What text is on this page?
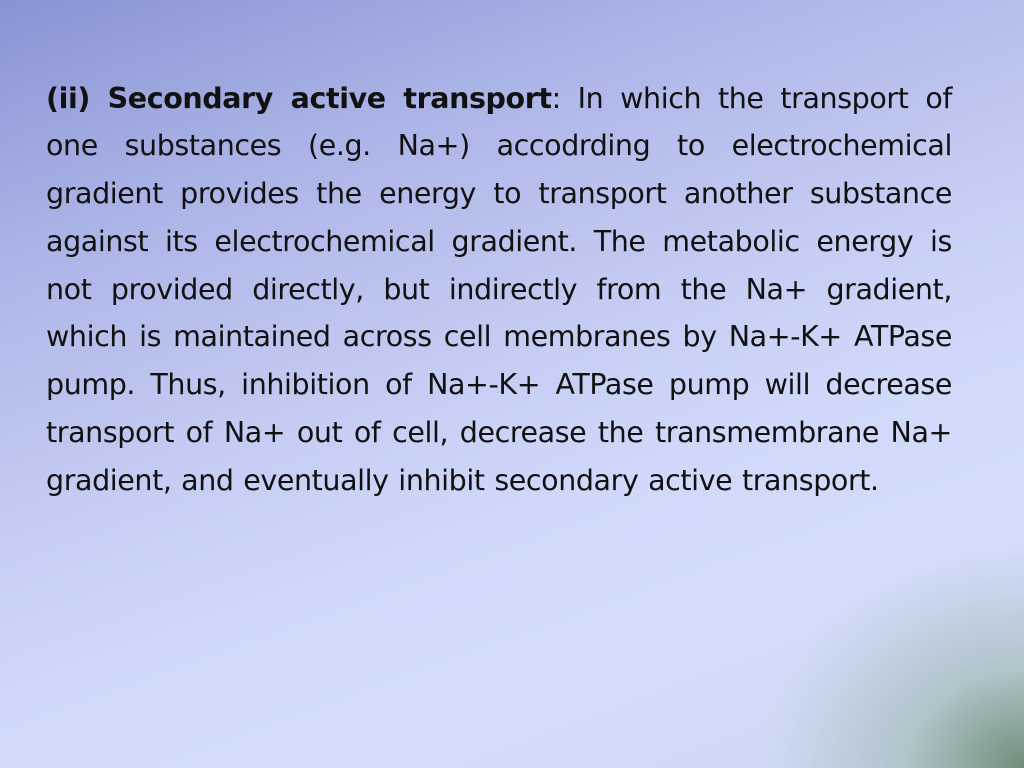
(ii) Secondary active transport: In which the transport of one substances (e.g. Na+) accodrding to electrochemical gradient provides the energy to transport another substance against its electrochemical gradient. The metabolic energy is not provided directly, but indirectly from the Na+ gradient, which is maintained across cell membranes by Na+-K+ ATPase pump. Thus, inhibition of Na+-K+ ATPase pump will decrease transport of Na+ out of cell, decrease the transmembrane Na+ gradient, and eventually inhibit secondary active transport.
